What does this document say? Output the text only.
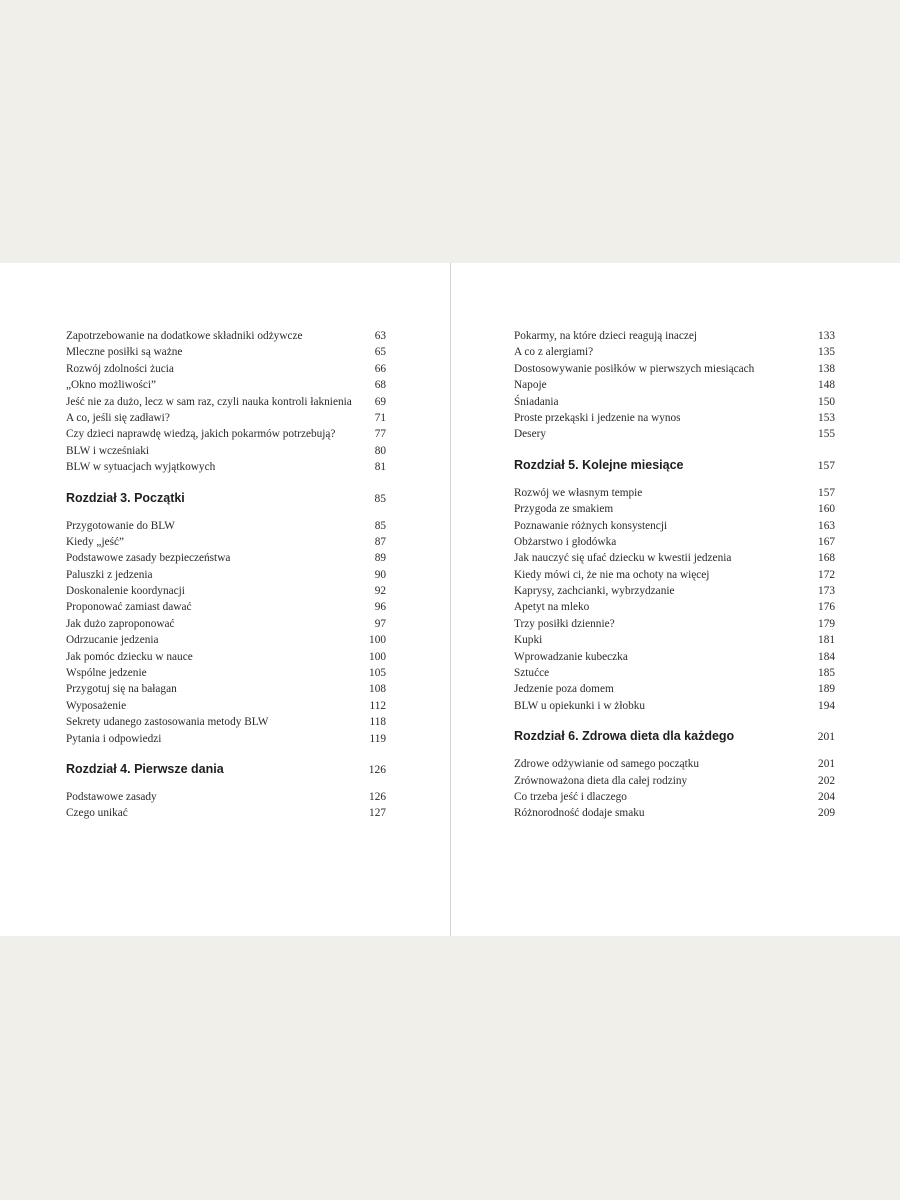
Zapotrzebowanie na dodatkowe składniki odżywcze	63
Mleczne posiłki są ważne	65
Rozwój zdolności żucia	66
„Okno możliwości”	68
Jeść nie za dużo, lecz w sam raz, czyli nauka kontroli łaknienia	69
A co, jeśli się zadławi?	71
Czy dzieci naprawdę wiedzą, jakich pokarmów potrzebują?	77
BLW i wcześniaki	80
BLW w sytuacjach wyjątkowych	81
Rozdział 3. Początki	85
Przygotowanie do BLW	85
Kiedy „jeść”	87
Podstawowe zasady bezpieczeństwa	89
Paluszki z jedzenia	90
Doskonalenie koordynacji	92
Proponować zamiast dawać	96
Jak dużo zaproponować	97
Odrzucanie jedzenia	100
Jak pomóc dziecku w nauce	100
Wspólne jedzenie	105
Przygotuj się na bałagan	108
Wyposażenie	112
Sekrety udanego zastosowania metody BLW	118
Pytania i odpowiedzi	119
Rozdział 4. Pierwsze dania	126
Podstawowe zasady	126
Czego unikać	127
Pokarmy, na które dzieci reagują inaczej	133
A co z alergiami?	135
Dostosowywanie posiłków w pierwszych miesiącach	138
Napoje	148
Śniadania	150
Proste przekąski i jedzenie na wynos	153
Desery	155
Rozdział 5. Kolejne miesiące	157
Rozwój we własnym tempie	157
Przygoda ze smakiem	160
Poznawanie różnych konsystencji	163
Obżarstwo i głodówka	167
Jak nauczyć się ufać dziecku w kwestii jedzenia	168
Kiedy mówi ci, że nie ma ochoty na więcej	172
Kaprysy, zachcianki, wybrzydzanie	173
Apetyt na mleko	176
Trzy posiłki dziennie?	179
Kupki	181
Wprowadzanie kubeczka	184
Sztućce	185
Jedzenie poza domem	189
BLW u opiekunki i w żłobku	194
Rozdział 6. Zdrowa dieta dla każdego	201
Zdrowe odżywianie od samego początku	201
Zrównoważona dieta dla całej rodziny	202
Co trzeba jeść i dlaczego	204
Różnorodność dodaje smaku	209
